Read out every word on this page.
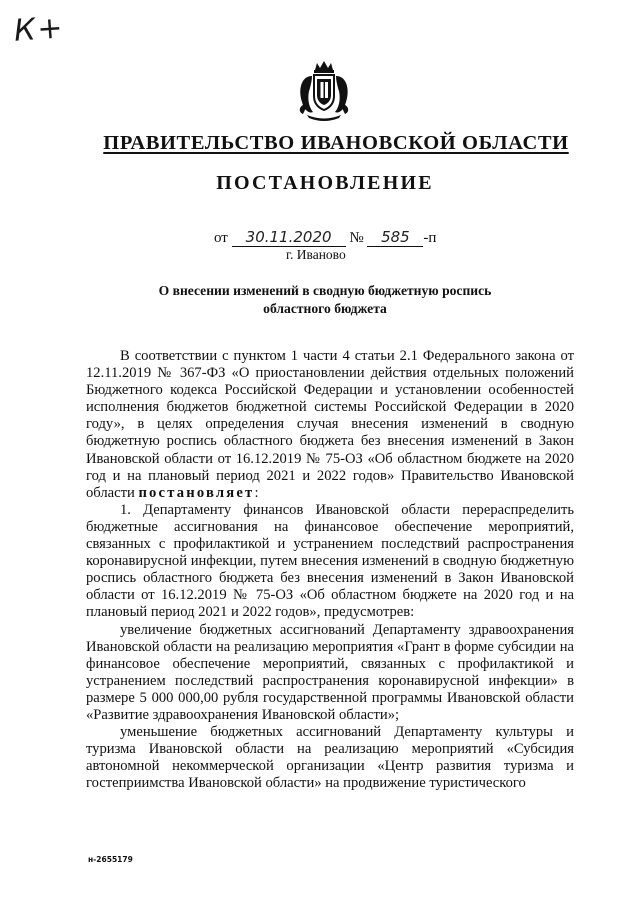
К+
ПРАВИТЕЛЬСТВО ИВАНОВСКОЙ ОБЛАСТИ
ПОСТАНОВЛЕНИЕ
от 30.11.2020 № 585 -п
г. Иваново
О внесении изменений в сводную бюджетную роспись
областного бюджета

В соответствии с пунктом 1 части 4 статьи 2.1 Федерального закона от 12.11.2019 № 367-ФЗ «О приостановлении действия отдельных положений Бюджетного кодекса Российской Федерации и установлении особенностей исполнения бюджетов бюджетной системы Российской Федерации в 2020 году», в целях определения случая внесения изменений в сводную бюджетную роспись областного бюджета без внесения изменений в Закон Ивановской области от 16.12.2019 № 75-ОЗ «Об областном бюджете на 2020 год и на плановый период 2021 и 2022 годов» Правительство Ивановской области постановляет:

1. Департаменту финансов Ивановской области перераспределить бюджетные ассигнования на финансовое обеспечение мероприятий, связанных с профилактикой и устранением последствий распространения коронавирусной инфекции, путем внесения изменений в сводную бюджетную роспись областного бюджета без внесения изменений в Закон Ивановской области от 16.12.2019 № 75-ОЗ «Об областном бюджете на 2020 год и на плановый период 2021 и 2022 годов», предусмотрев:

увеличение бюджетных ассигнований Департаменту здравоохранения Ивановской области на реализацию мероприятия «Грант в форме субсидии на финансовое обеспечение мероприятий, связанных с профилактикой и устранением последствий распространения коронавирусной инфекции» в размере 5 000 000,00 рубля государственной программы Ивановской области «Развитие здравоохранения Ивановской области»;

уменьшение бюджетных ассигнований Департаменту культуры и туризма Ивановской области на реализацию мероприятий «Субсидия автономной некоммерческой организации «Центр развития туризма и гостеприимства Ивановской области» на продвижение туристического

н-2655179
